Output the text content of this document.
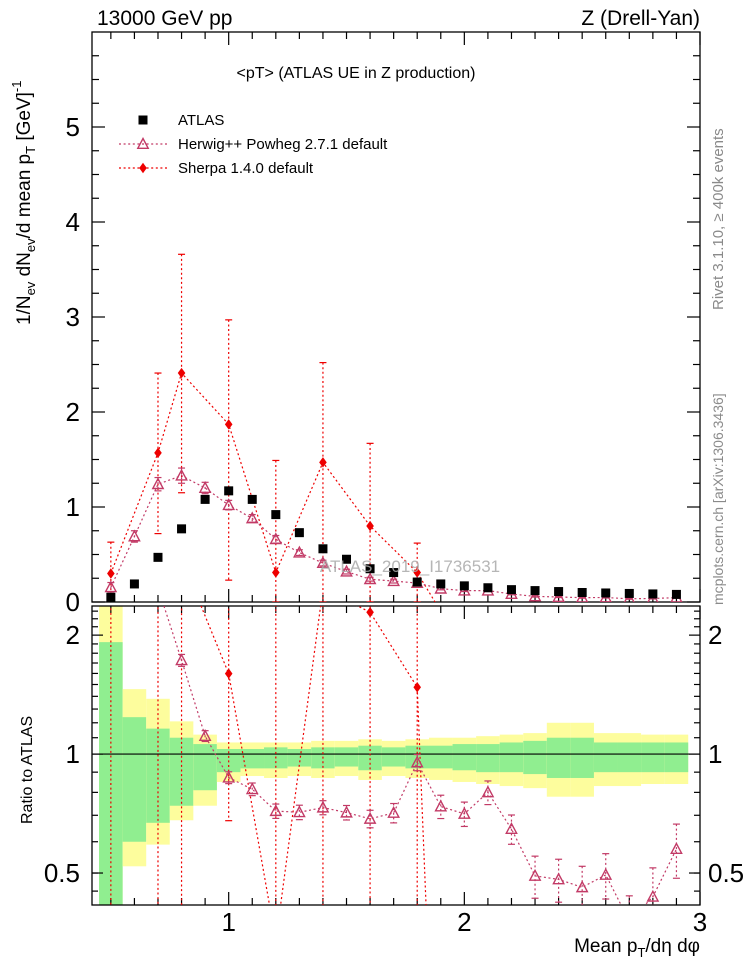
1	2	3
0
1
2
3
4
5
2	2
1	1
0.5	0.5
13000 GeV pp	Z (Drell-Yan)
<pT> (ATLAS UE in Z production)
ATLAS
Herwig++ Powheg 2.7.1 default
Sherpa 1.4.0 default
ATLAS_2019_I1736531
Rivet 3.1.10, ≥ 400k events
mcplots.cern.ch [arXiv:1306.3436]
Ratio to ATLAS
$1/N_{ev}$ $dN_{ev}/d$ mean $p_T$ [GeV]$^{-1}$
Mean $p_T/d\eta$ dφ
